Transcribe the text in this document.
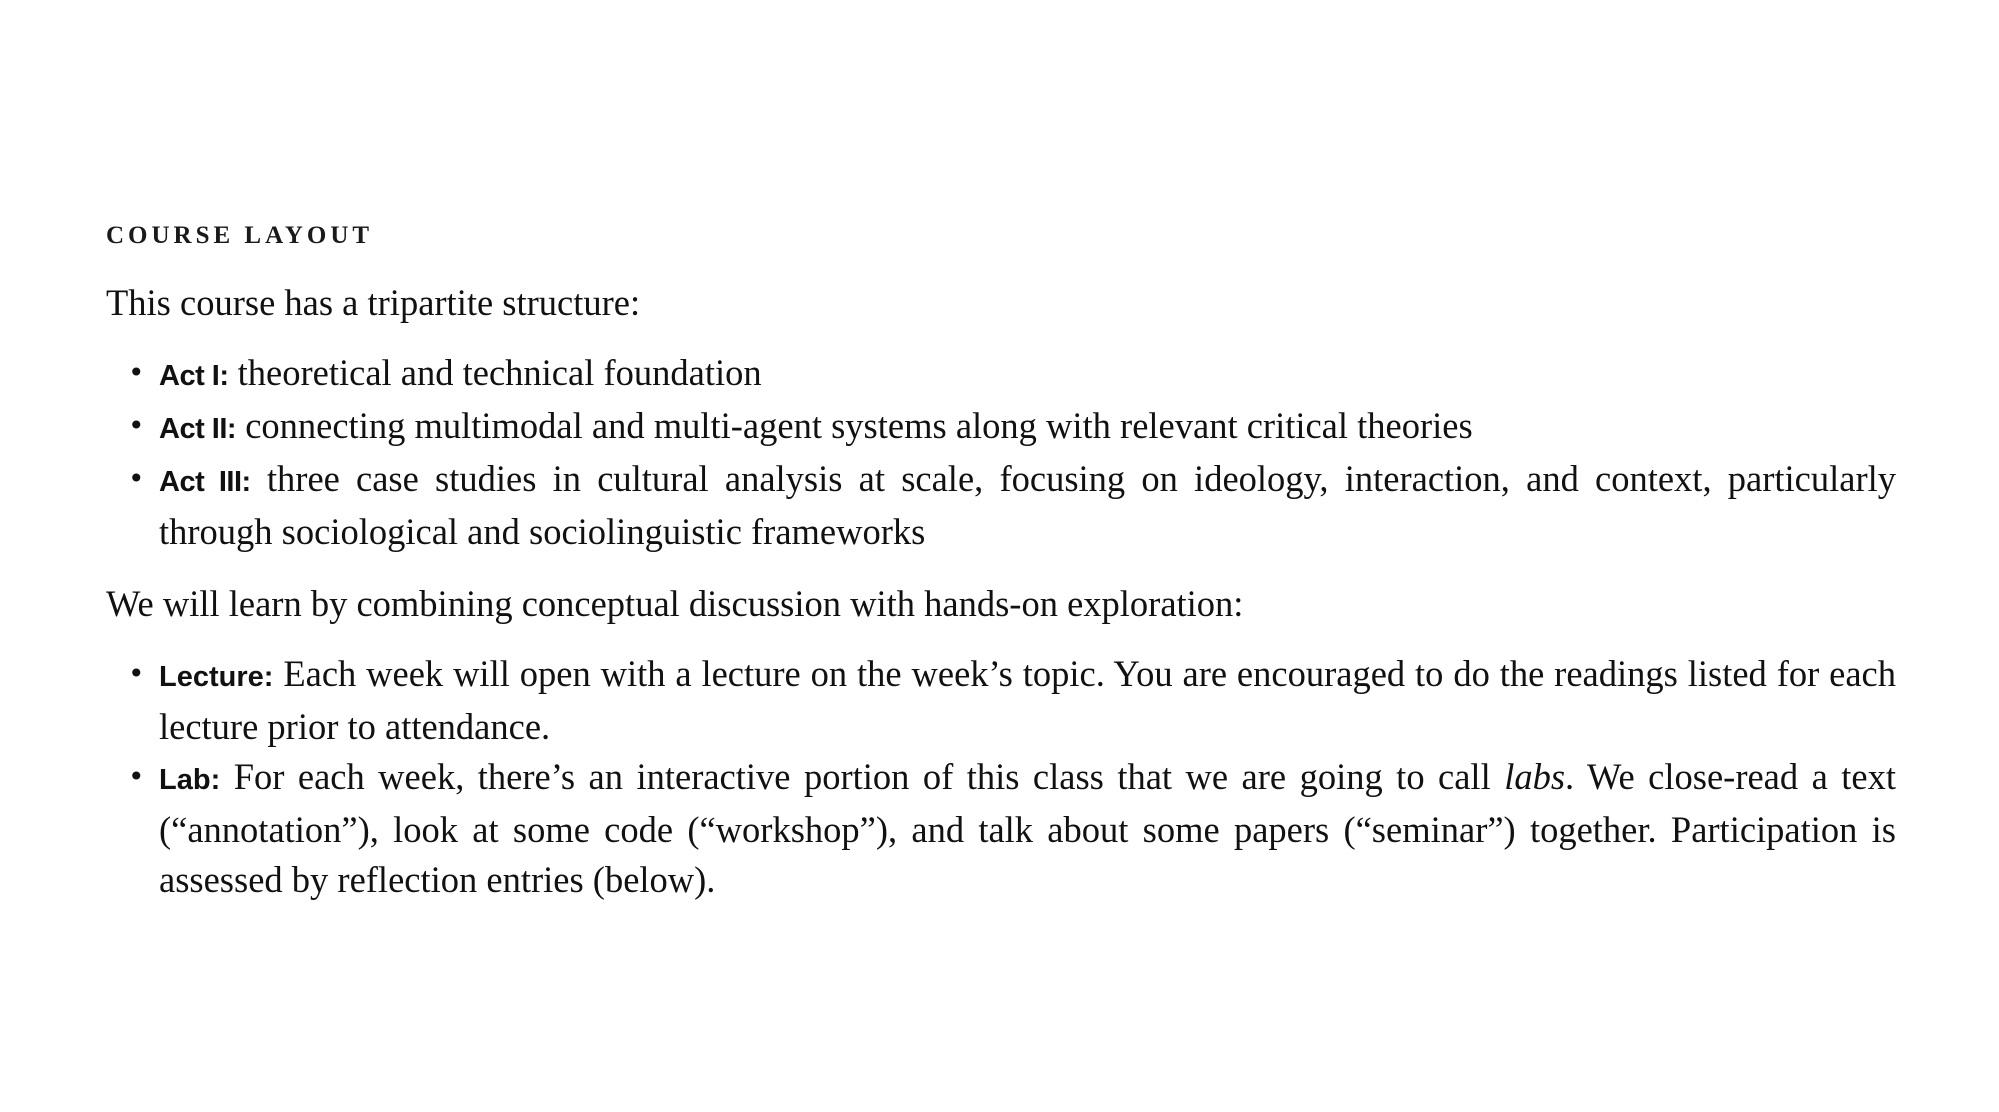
COURSE LAYOUT

This course has a tripartite structure:

• Act I: theoretical and technical foundation
• Act II: connecting multimodal and multi-agent systems along with relevant critical theories
• Act III: three case studies in cultural analysis at scale, focusing on ideology, interaction, and context, particularly through sociological and sociolinguistic frameworks

We will learn by combining conceptual discussion with hands-on exploration:

• Lecture: Each week will open with a lecture on the week’s topic. You are encouraged to do the readings listed for each lecture prior to attendance.
• Lab: For each week, there’s an interactive portion of this class that we are going to call labs. We close-read a text (“annotation”), look at some code (“workshop”), and talk about some papers (“seminar”) together. Participation is assessed by reflection entries (below).
